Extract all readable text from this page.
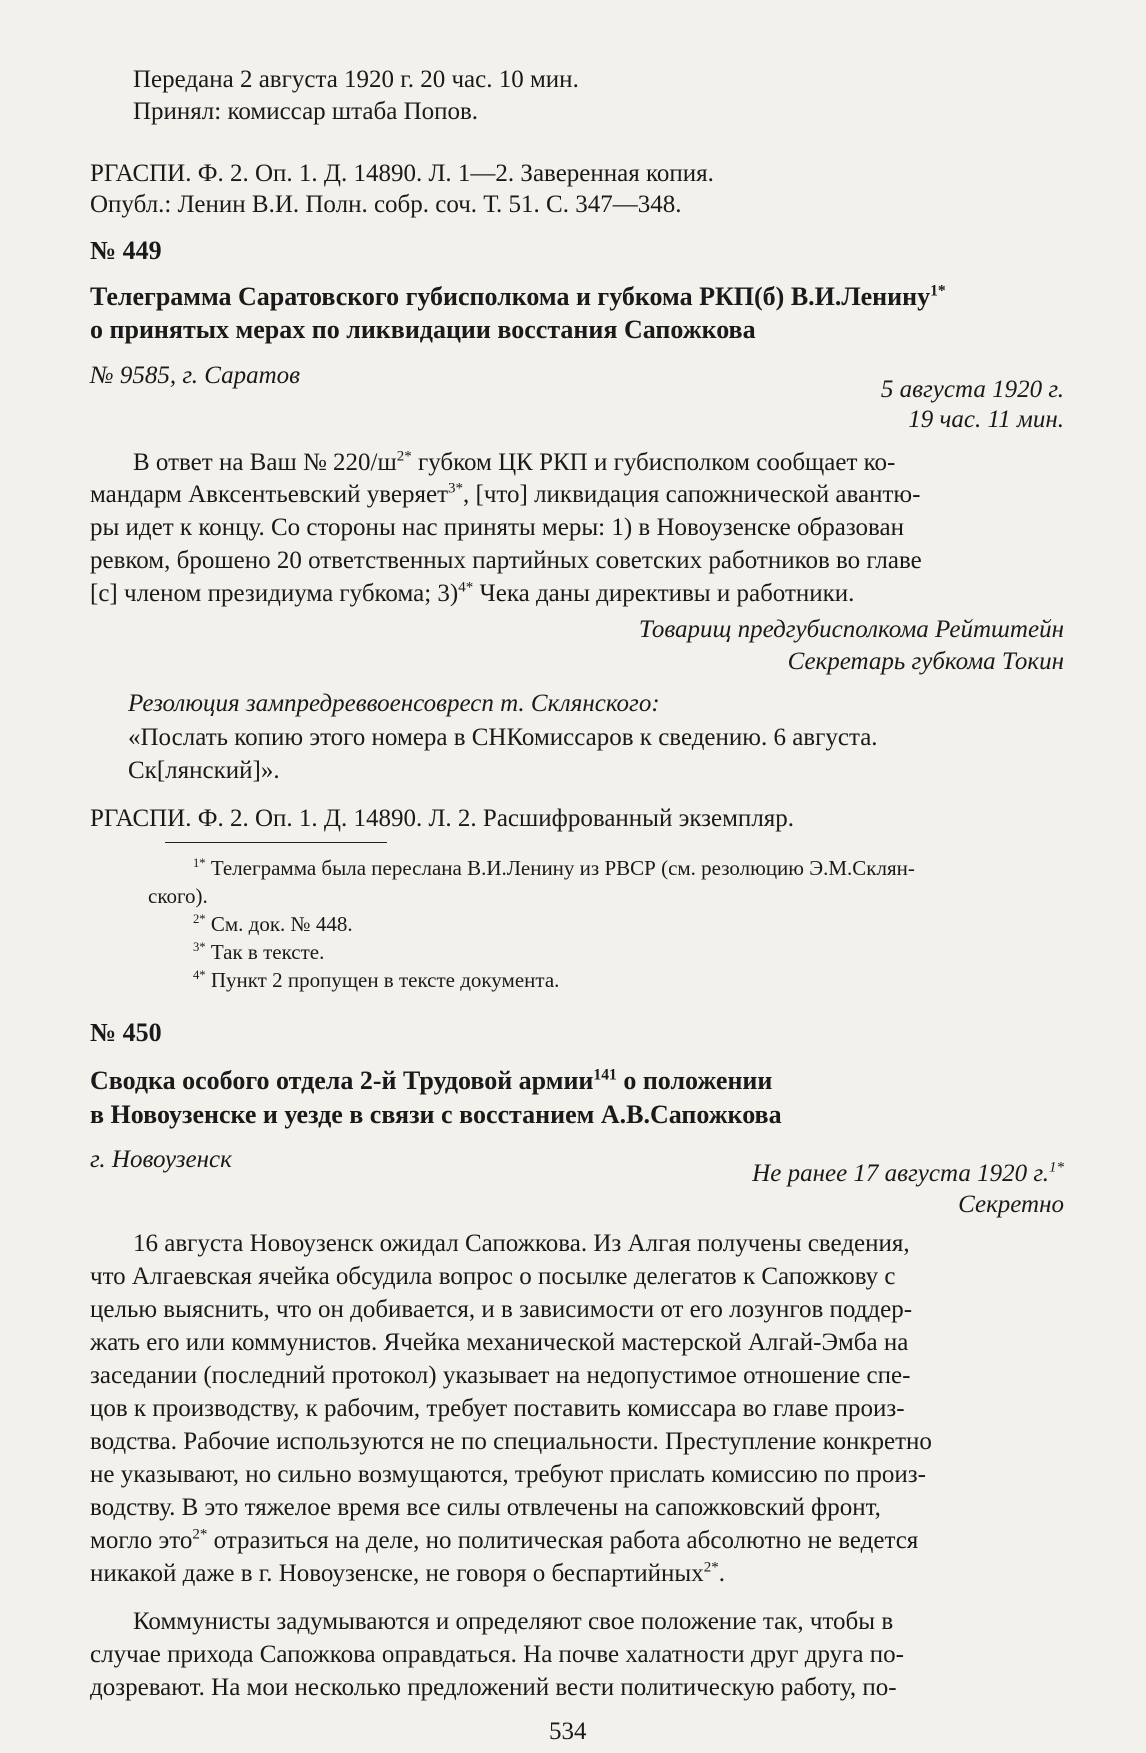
Передана 2 августа 1920 г. 20 час. 10 мин.
Принял: комиссар штаба Попов.
РГАСПИ. Ф. 2. Оп. 1. Д. 14890. Л. 1—2. Заверенная копия.
Опубл.: Ленин В.И. Полн. собр. соч. Т. 51. С. 347—348.
№ 449
Телеграмма Саратовского губисполкома и губкома РКП(б) В.И.Ленину$^{1*}$
о принятых мерах по ликвидации восстания Сапожкова
№ 9585, г. Саратов
5 августа 1920 г.
19 час. 11 мин.
В ответ на Ваш № $220/ш^{2*}$ губком ЦК РКП и губисполком сообщает ко-
мандарм Авксентьевский уверяет$^{3*}$, [что] ликвидация сапожнической авантю-
ры идет к концу. Со стороны нас приняты меры: 1) в Новоузенске образован
ревком, брошено 20 ответственных партийных советских работников во главе
[с] членом президиума губкома; 3)$^{4*}$ Чека даны директивы и работники.
Товарищ предгубисполкома Рейтштейн
Секретарь губкома Токин
Резолюция зампредреввоенсовресп т. Склянского:
«Послать копию этого номера в СНКомиссаров к сведению. 6 августа.
Ск[лянский]».
РГАСПИ. Ф. 2. Оп. 1. Д. 14890. Л. 2. Расшифрованный экземпляр.
$^{1*}$ Телеграмма была переслана В.И.Ленину из РВСР (см. резолюцию Э.М.Склян-
ского).
$^{2*}$ См. док. № 448.
$^{3*}$ Так в тексте.
$^{4*}$ Пункт 2 пропущен в тексте документа.
№ 450
Сводка особого отдела 2-й Трудовой армии$^{141}$ о положении
в Новоузенске и уезде в связи с восстанием А.В.Сапожкова
г. Новоузенск
Не ранее 17 августа 1920 г.$^{1*}$
Секретно
16 августа Новоузенск ожидал Сапожкова. Из Алгая получены сведения,
что Алгаевская ячейка обсудила вопрос о посылке делегатов к Сапожкову с
целью выяснить, что он добивается, и в зависимости от его лозунгов поддер-
жать его или коммунистов. Ячейка механической мастерской Алгай-Эмба на
заседании (последний протокол) указывает на недопустимое отношение спе-
цов к производству, к рабочим, требует поставить комиссара во главе произ-
водства. Рабочие используются не по специальности. Преступление конкретно
не указывают, но сильно возмущаются, требуют прислать комиссию по произ-
водству. В это тяжелое время все силы отвлечены на сапожковский фронт,
могло это$^{2*}$ отразиться на деле, но политическая работа абсолютно не ведется
никакой даже в г. Новоузенске, не говоря о беспартийных$^{2*}$.
Коммунисты задумываются и определяют свое положение так, чтобы в
случае прихода Сапожкова оправдаться. На почве халатности друг друга по-
дозревают. На мои несколько предложений вести политическую работу, по-
534
